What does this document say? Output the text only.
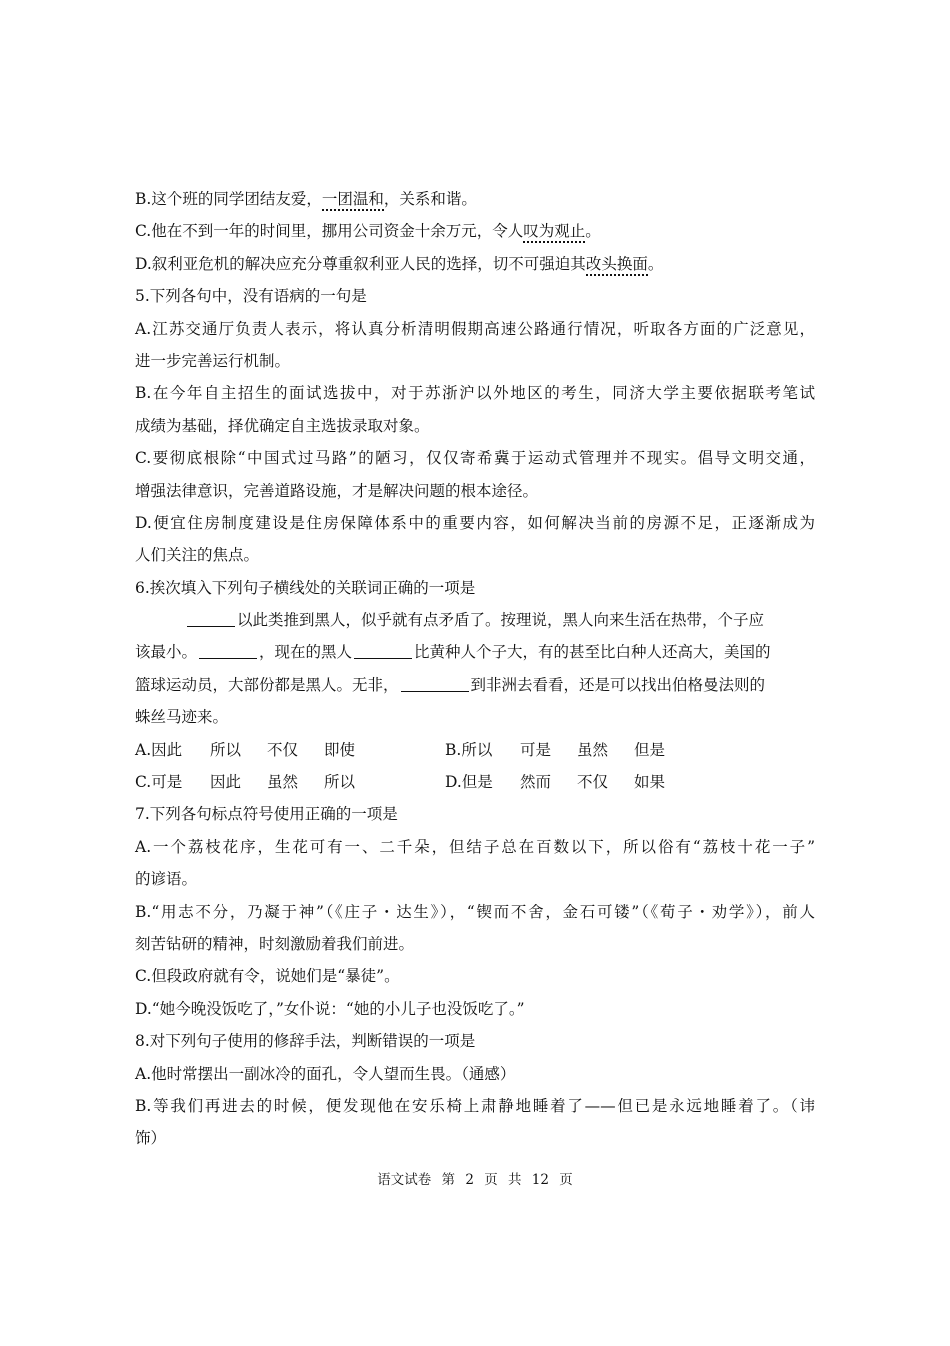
B.这个班的同学团结友爱，一团温和，关系和谐。
C.他在不到一年的时间里，挪用公司资金十余万元，令人叹为观止。
D.叙利亚危机的解决应充分尊重叙利亚人民的选择，切不可强迫其改头换面。
5.下列各句中，没有语病的一句是
A.江苏交通厅负责人表示，将认真分析清明假期高速公路通行情况，听取各方面的广泛意见，
进一步完善运行机制。
B.在今年自主招生的面试选拔中，对于苏浙沪以外地区的考生，同济大学主要依据联考笔试
成绩为基础，择优确定自主选拔录取对象。
C.要彻底根除“中国式过马路”的陋习，仅仅寄希冀于运动式管理并不现实。倡导文明交通，
增强法律意识，完善道路设施，才是解决问题的根本途径。
D.便宜住房制度建设是住房保障体系中的重要内容，如何解决当前的房源不足，正逐渐成为
人们关注的焦点。
6.挨次填入下列句子横线处的关联词正确的一项是
以此类推到黑人，似乎就有点矛盾了。按理说，黑人向来生活在热带，个子应
该最小。	，现在的黑人	比黄种人个子大，有的甚至比白种人还高大，美国的
篮球运动员，大部份都是黑人。无非，	到非洲去看看，还是可以找出伯格曼法则的
蛛丝马迹来。
A.因此	所以	不仅	即使	B.所以	可是	虽然	但是
C.可是	因此	虽然	所以	D.但是	然而	不仅	如果
7.下列各句标点符号使用正确的一项是
A.一个荔枝花序，生花可有一、二千朵，但结子总在百数以下，所以俗有“荔枝十花一子”
的谚语。
B.“用志不分，乃凝于神”（《庄子・达生》），“锲而不舍，金石可镂”（《荀子・劝学》），前人
刻苦钻研的精神，时刻激励着我们前进。
C.但段政府就有令，说她们是“暴徒”。
D.“她今晚没饭吃了，”女仆说：“她的小儿子也没饭吃了。”
8.对下列句子使用的修辞手法，判断错误的一项是
A.他时常摆出一副冰冷的面孔，令人望而生畏。（通感）
B.等我们再进去的时候，便发现他在安乐椅上肃静地睡着了——但已是永远地睡着了。（讳
饰）
语文试卷 第 2 页 共 12 页
